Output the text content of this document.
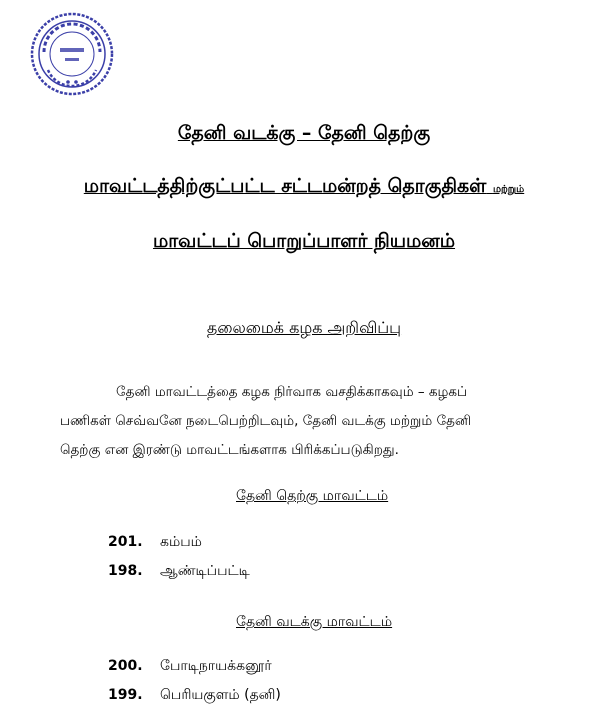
தேனி வடக்கு – தேனி தெற்கு
மாவட்டத்திற்குட்பட்ட சட்டமன்றத் தொகுதிகள் மற்றும்
மாவட்டப் பொறுப்பாளர் நியமனம்
தலைமைக் கழக அறிவிப்பு
தேனி மாவட்டத்தை கழக நிர்வாக வசதிக்காகவும் – கழகப்
பணிகள் செவ்வனே நடைபெற்றிடவும், தேனி வடக்கு மற்றும் தேனி
தெற்கு என இரண்டு மாவட்டங்களாக பிரிக்கப்படுகிறது.
தேனி தெற்கு மாவட்டம்
201. கம்பம்
198. ஆண்டிப்பட்டி
தேனி வடக்கு மாவட்டம்
200. போடிநாயக்கனூர்
199. பெரியகுளம் (தனி)
